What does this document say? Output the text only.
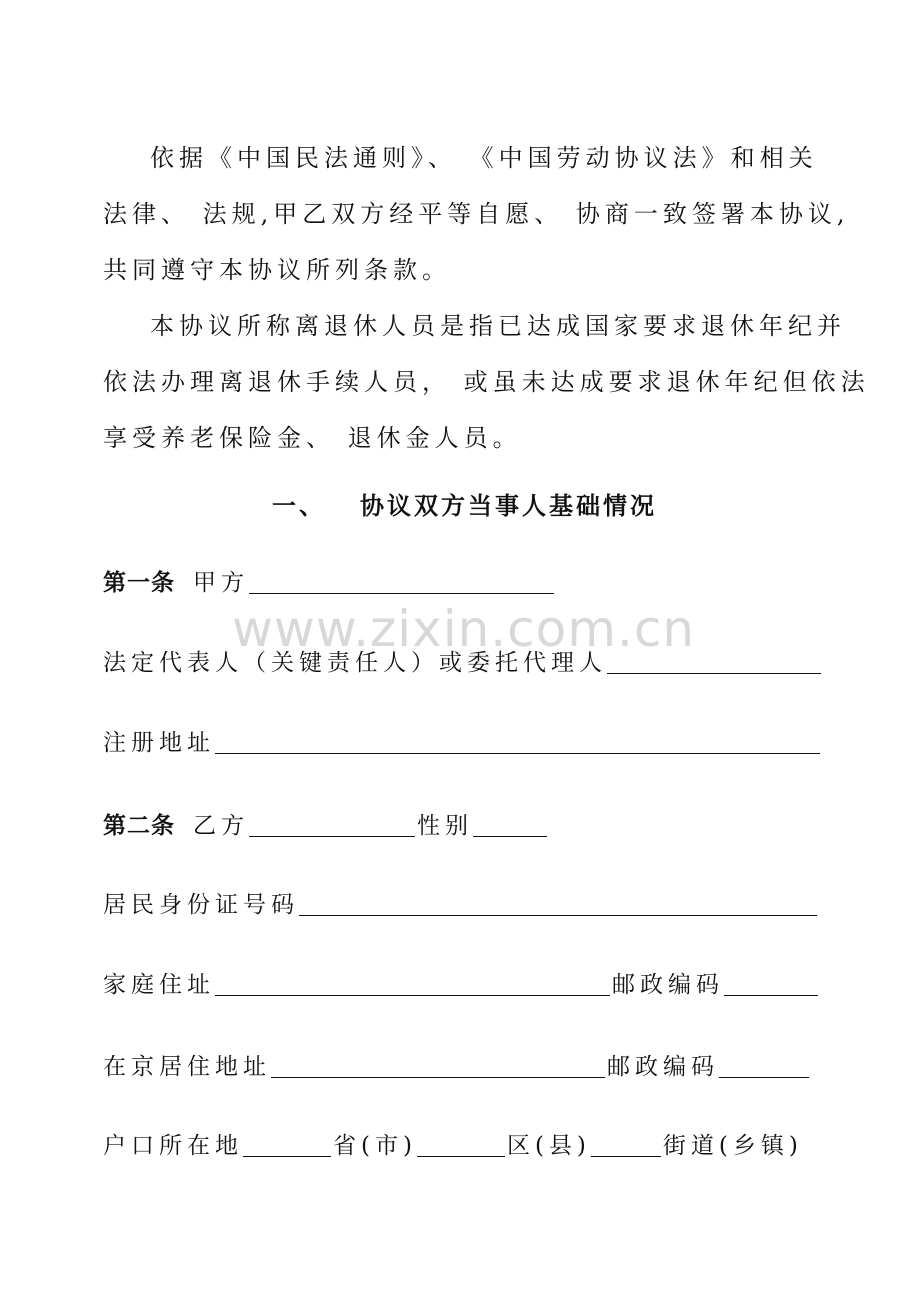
依据《中国民法通则》、 《中国劳动协议法》和相关
法律、 法规,甲乙双方经平等自愿、 协商一致签署本协议,
共同遵守本协议所列条款。
本协议所称离退休人员是指已达成国家要求退休年纪并
依法办理离退休手续人员， 或虽未达成要求退休年纪但依法
享受养老保险金、 退休金人员。
一、 协议双方当事人基础情况
www.zixin.com.cn
第一条 甲方
法定代表人（关键责任人）或委托代理人
注册地址
第二条 乙方	性别
居民身份证号码
家庭住址	邮政编码
在京居住地址	邮政编码
户口所在地	省(市)	区(县)	街道(乡镇)
